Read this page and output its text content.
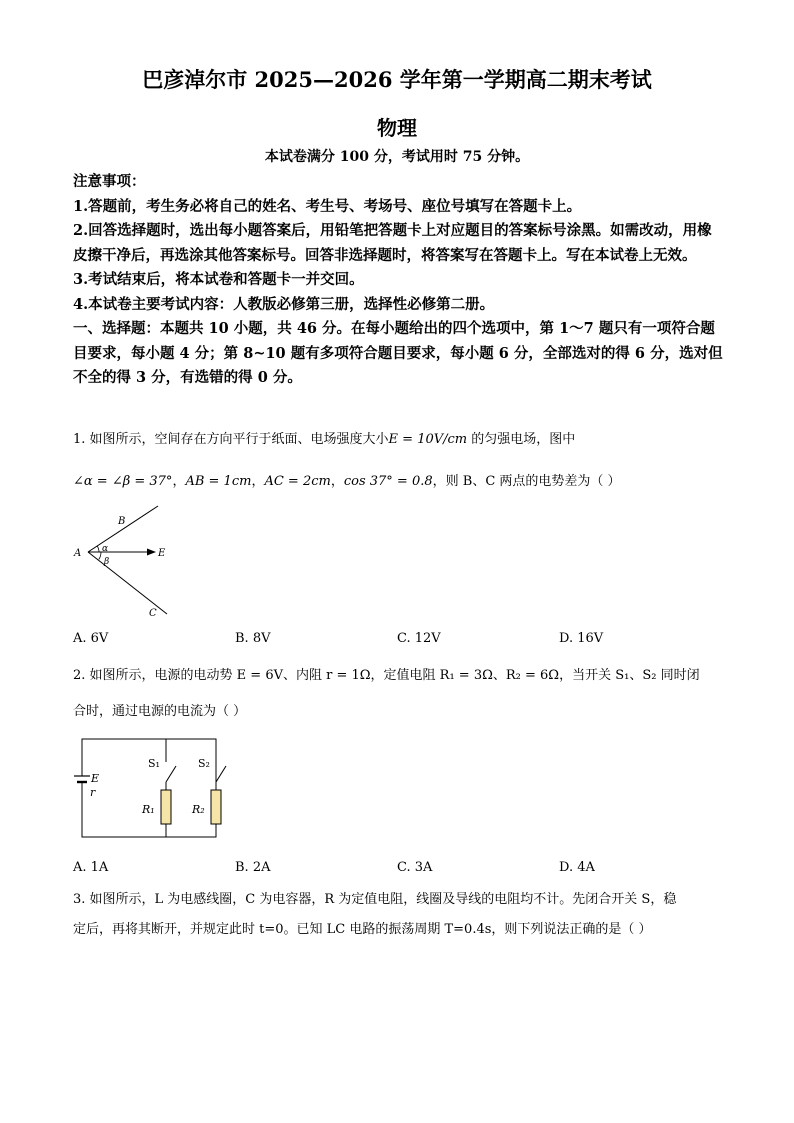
巴彦淖尔市 2025—2026 学年第一学期高二期末考试
物理
本试卷满分 100 分，考试用时 75 分钟。

注意事项：

1.答题前，考生务必将自己的姓名、考生号、考场号、座位号填写在答题卡上。

2.回答选择题时，选出每小题答案后，用铅笔把答题卡上对应题目的答案标号涂黑。如需改动，用橡皮擦干净后，再选涂其他答案标号。回答非选择题时，将答案写在答题卡上。写在本试卷上无效。

3.考试结束后，将本试卷和答题卡一并交回。

4.本试卷主要考试内容：人教版必修第三册，选择性必修第二册。

一、选择题：本题共 10 小题，共 46 分。在每小题给出的四个选项中，第 1～7 题只有一项符合题目要求，每小题 4 分；第 8~10 题有多项符合题目要求，每小题 6 分，全部选对的得 6 分，选对但不全的得 3 分，有选错的得 0 分。

1. 如图所示，空间存在方向平行于纸面、电场强度大小E = 10V/cm 的匀强电场，图中

∠α = ∠β = 37°，AB = 1cm，AC = 2cm，cos 37° = 0.8，则 B、C 两点的电势差为（ ）

A
B
C
E
α
β
A. 6V	B. 8V	C. 12V	D. 16V

2. 如图所示，电源的电动势 E = 6V、内阻 r = 1Ω，定值电阻 R₁ = 3Ω、R₂ = 6Ω，当开关 S₁、S₂ 同时闭

合时，通过电源的电流为（ ）

E
r
S₁	S₂
R₁	R₂
A. 1A	B. 2A	C. 3A	D. 4A

3. 如图所示，L 为电感线圈，C 为电容器，R 为定值电阻，线圈及导线的电阻均不计。先闭合开关 S，稳

定后，再将其断开，并规定此时 t=0。已知 LC 电路的振荡周期 T=0.4s，则下列说法正确的是（ ）
